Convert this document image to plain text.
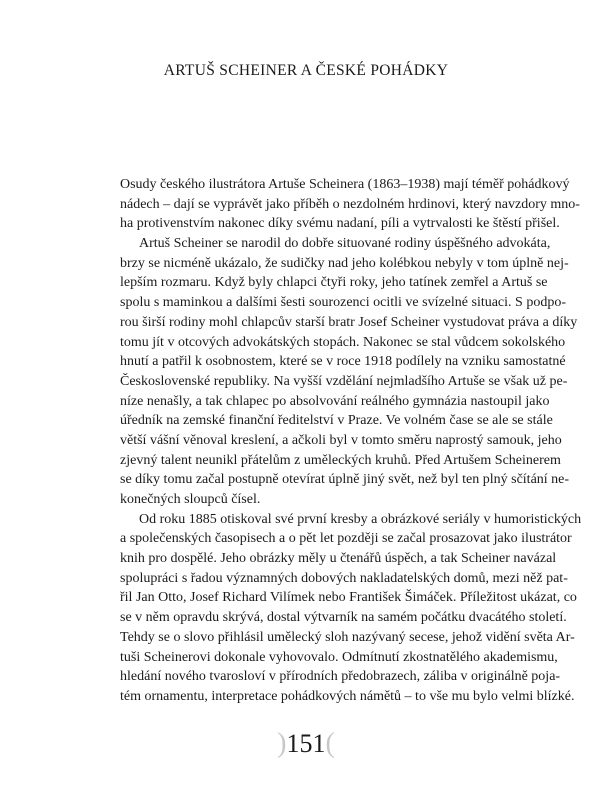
ARTUŠ SCHEINER A ČESKÉ POHÁDKY
Osudy českého ilustrátora Artuše Scheinera (1863–1938) mají téměř pohádkový
nádech – dají se vyprávět jako příběh o nezdolném hrdinovi, který navzdory mno-
ha protivenstvím nakonec díky svému nadaní, píli a vytrvalosti ke štěstí přišel.
Artuš Scheiner se narodil do dobře situované rodiny úspěšného advokáta,
brzy se nicméně ukázalo, že sudičky nad jeho kolébkou nebyly v tom úplně nej-
lepším rozmaru. Když byly chlapci čtyři roky, jeho tatínek zemřel a Artuš se
spolu s maminkou a dalšími šesti sourozenci ocitli ve svízelné situaci. S podpo-
rou širší rodiny mohl chlapcův starší bratr Josef Scheiner vystudovat práva a díky
tomu jít v otcových advokátských stopách. Nakonec se stal vůdcem sokolského
hnutí a patřil k osobnostem, které se v roce 1918 podílely na vzniku samostatné
Československé republiky. Na vyšší vzdělání nejmladšího Artuše se však už pe-
níze nenašly, a tak chlapec po absolvování reálného gymnázia nastoupil jako
úředník na zemské finanční ředitelství v Praze. Ve volném čase se ale se stále
větší vášní věnoval kreslení, a ačkoli byl v tomto směru naprostý samouk, jeho
zjevný talent neunikl přátelům z uměleckých kruhů. Před Artušem Scheinerem
se díky tomu začal postupně otevírat úplně jiný svět, než byl ten plný sčítání ne-
konečných sloupců čísel.
Od roku 1885 otiskoval své první kresby a obrázkové seriály v humoristických
a společenských časopisech a o pět let později se začal prosazovat jako ilustrátor
knih pro dospělé. Jeho obrázky měly u čtenářů úspěch, a tak Scheiner navázal
spolupráci s řadou významných dobových nakladatelských domů, mezi něž pat-
řil Jan Otto, Josef Richard Vilímek nebo František Šimáček. Příležitost ukázat, co
se v něm opravdu skrývá, dostal výtvarník na samém počátku dvacátého století.
Tehdy se o slovo přihlásil umělecký sloh nazývaný secese, jehož vidění světa Ar-
tuši Scheinerovi dokonale vyhovovalo. Odmítnutí zkostnatělého akademismu,
hledání nového tvarosloví v přírodních předobrazech, záliba v originálně poja-
tém ornamentu, interpretace pohádkových námětů – to vše mu bylo velmi blízké.
)151(
